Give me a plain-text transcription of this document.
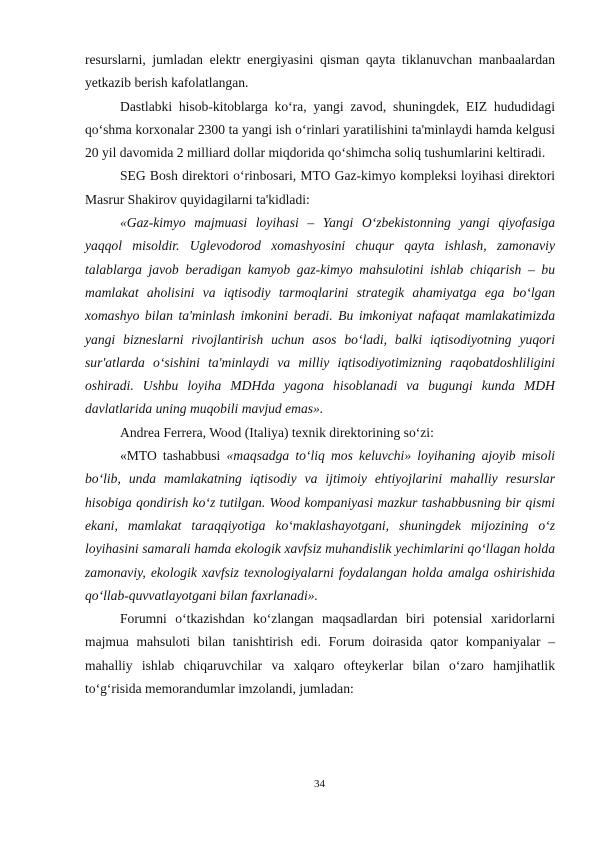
resurslarni, jumladan elektr energiyasini qisman qayta tiklanuvchan manbaalardan yetkazib berish kafolatlangan.

Dastlabki hisob-kitoblarga ko‘ra, yangi zavod, shuningdek, EIZ hududidagi qo‘shma korxonalar 2300 ta yangi ish o‘rinlari yaratilishini ta'minlaydi hamda kelgusi 20 yil davomida 2 milliard dollar miqdorida qo‘shimcha soliq tushumlarini keltiradi.

SEG Bosh direktori o‘rinbosari, MTO Gaz-kimyo kompleksi loyihasi direktori Masrur Shakirov quyidagilarni ta'kidladi:

«Gaz-kimyo majmuasi loyihasi – Yangi O‘zbekistonning yangi qiyofasiga yaqqol misoldir. Uglevodorod xomashyosini chuqur qayta ishlash, zamonaviy talablarga javob beradigan kamyob gaz-kimyo mahsulotini ishlab chiqarish – bu mamlakat aholisini va iqtisodiy tarmoqlarini strategik ahamiyatga ega bo‘lgan xomashyo bilan ta'minlash imkonini beradi. Bu imkoniyat nafaqat mamlakatimizda yangi bizneslarni rivojlantirish uchun asos bo‘ladi, balki iqtisodiyotning yuqori sur'atlarda o‘sishini ta'minlaydi va milliy iqtisodiyotimizning raqobatdoshliligini oshiradi. Ushbu loyiha MDHda yagona hisoblanadi va bugungi kunda MDH davlatlarida uning muqobili mavjud emas».

Andrea Ferrera, Wood (Italiya) texnik direktorining so‘zi:

«MTO tashabbusi «maqsadga to‘liq mos keluvchi» loyihaning ajoyib misoli bo‘lib, unda mamlakatning iqtisodiy va ijtimoiy ehtiyojlarini mahalliy resurslar hisobiga qondirish ko‘z tutilgan. Wood kompaniyasi mazkur tashabbusning bir qismi ekani, mamlakat taraqqiyotiga ko‘maklashayotgani, shuningdek mijozining o‘z loyihasini samarali hamda ekologik xavfsiz muhandislik yechimlarini qo‘llagan holda zamonaviy, ekologik xavfsiz texnologiyalarni foydalangan holda amalga oshirishida qo‘llab-quvvatlayotgani bilan faxrlanadi».

Forumni o‘tkazishdan ko‘zlangan maqsadlardan biri potensial xaridorlarni majmua mahsuloti bilan tanishtirish edi. Forum doirasida qator kompaniyalar – mahalliy ishlab chiqaruvchilar va xalqaro ofteykerlar bilan o‘zaro hamjihatlik to‘g‘risida memorandumlar imzolandi, jumladan:

34
